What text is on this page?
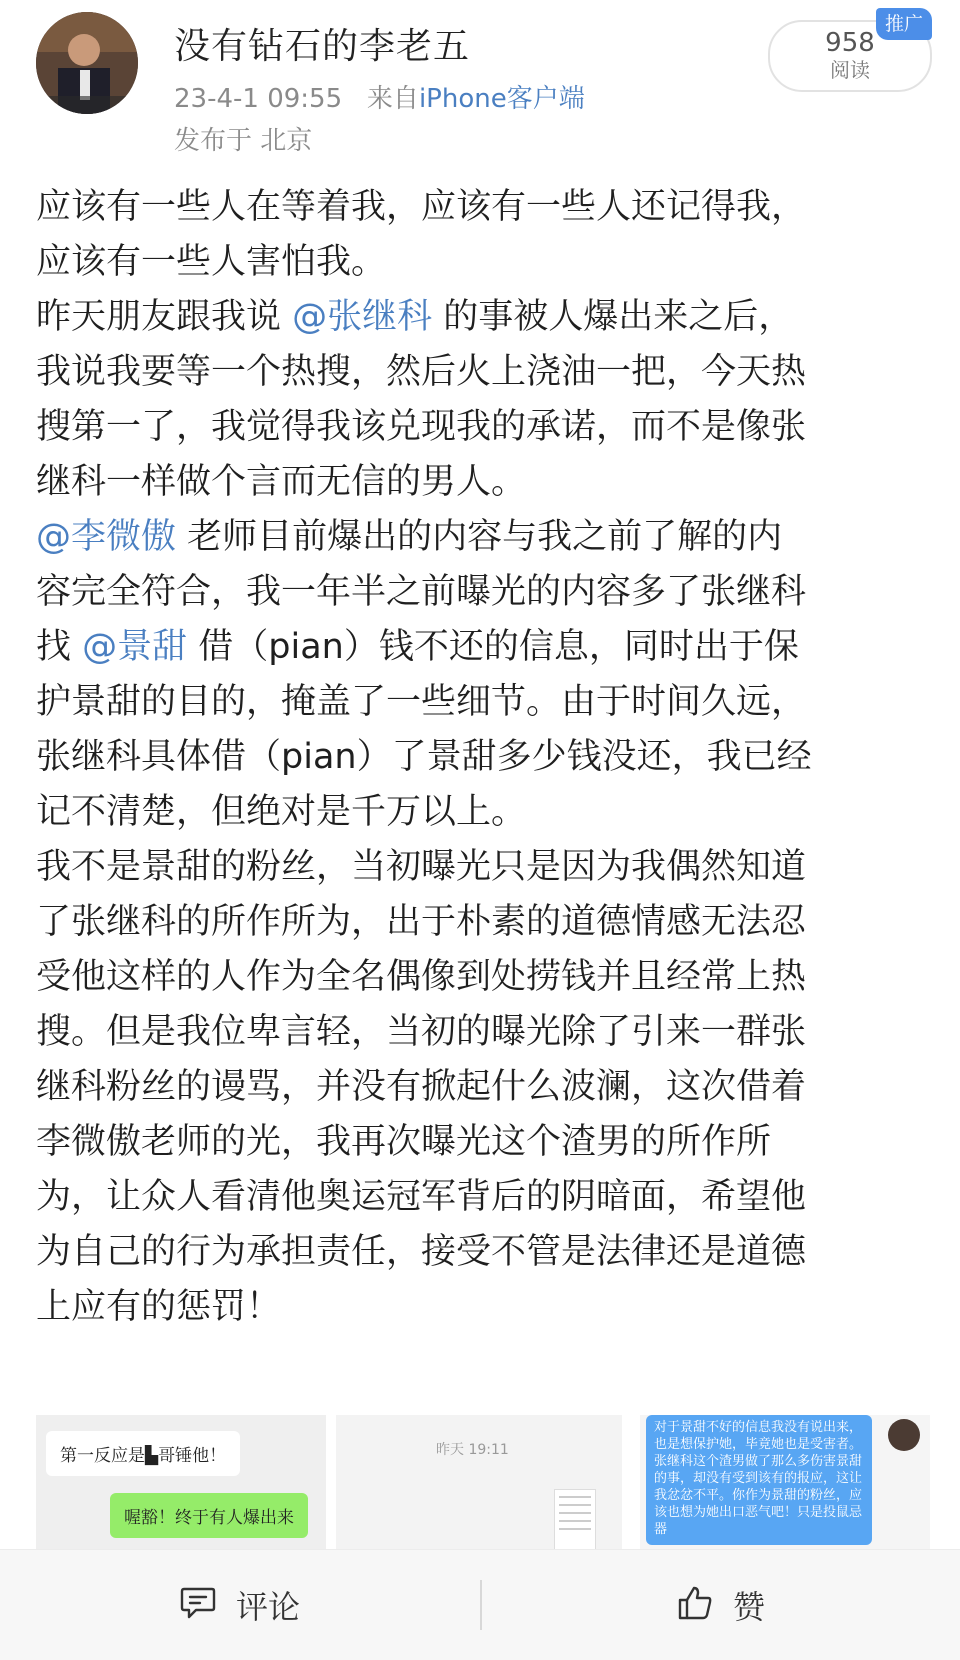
没有钻石的李老五
23-4-1 09:55 来自iPhone客户端
发布于 北京
958
阅读
推广
应该有一些人在等着我，应该有一些人还记得我，
应该有一些人害怕我。
昨天朋友跟我说 @张继科 的事被人爆出来之后，
我说我要等一个热搜，然后火上浇油一把，今天热
搜第一了，我觉得我该兑现我的承诺，而不是像张
继科一样做个言而无信的男人。
@李微傲 老师目前爆出的内容与我之前了解的内
容完全符合，我一年半之前曝光的内容多了张继科
找 @景甜 借（pian）钱不还的信息，同时出于保
护景甜的目的，掩盖了一些细节。由于时间久远，
张继科具体借（pian）了景甜多少钱没还，我已经
记不清楚，但绝对是千万以上。
我不是景甜的粉丝，当初曝光只是因为我偶然知道
了张继科的所作所为，出于朴素的道德情感无法忍
受他这样的人作为全名偶像到处捞钱并且经常上热
搜。但是我位卑言轻，当初的曝光除了引来一群张
继科粉丝的谩骂，并没有掀起什么波澜，这次借着
李微傲老师的光，我再次曝光这个渣男的所作所
为，让众人看清他奥运冠军背后的阴暗面，希望他
为自己的行为承担责任，接受不管是法律还是道德
上应有的惩罚！
第一反应是▙哥锤他！
喔豁！终于有人爆出来
昨天 19:11
对于景甜不好的信息我没有说出来，也是想保护她，毕竟她也是受害者。张继科这个渣男做了那么多伤害景甜的事，却没有受到该有的报应，这让我忿忿不平。你作为景甜的粉丝，应该也想为她出口恶气吧！只是投鼠忌器
评论	赞
